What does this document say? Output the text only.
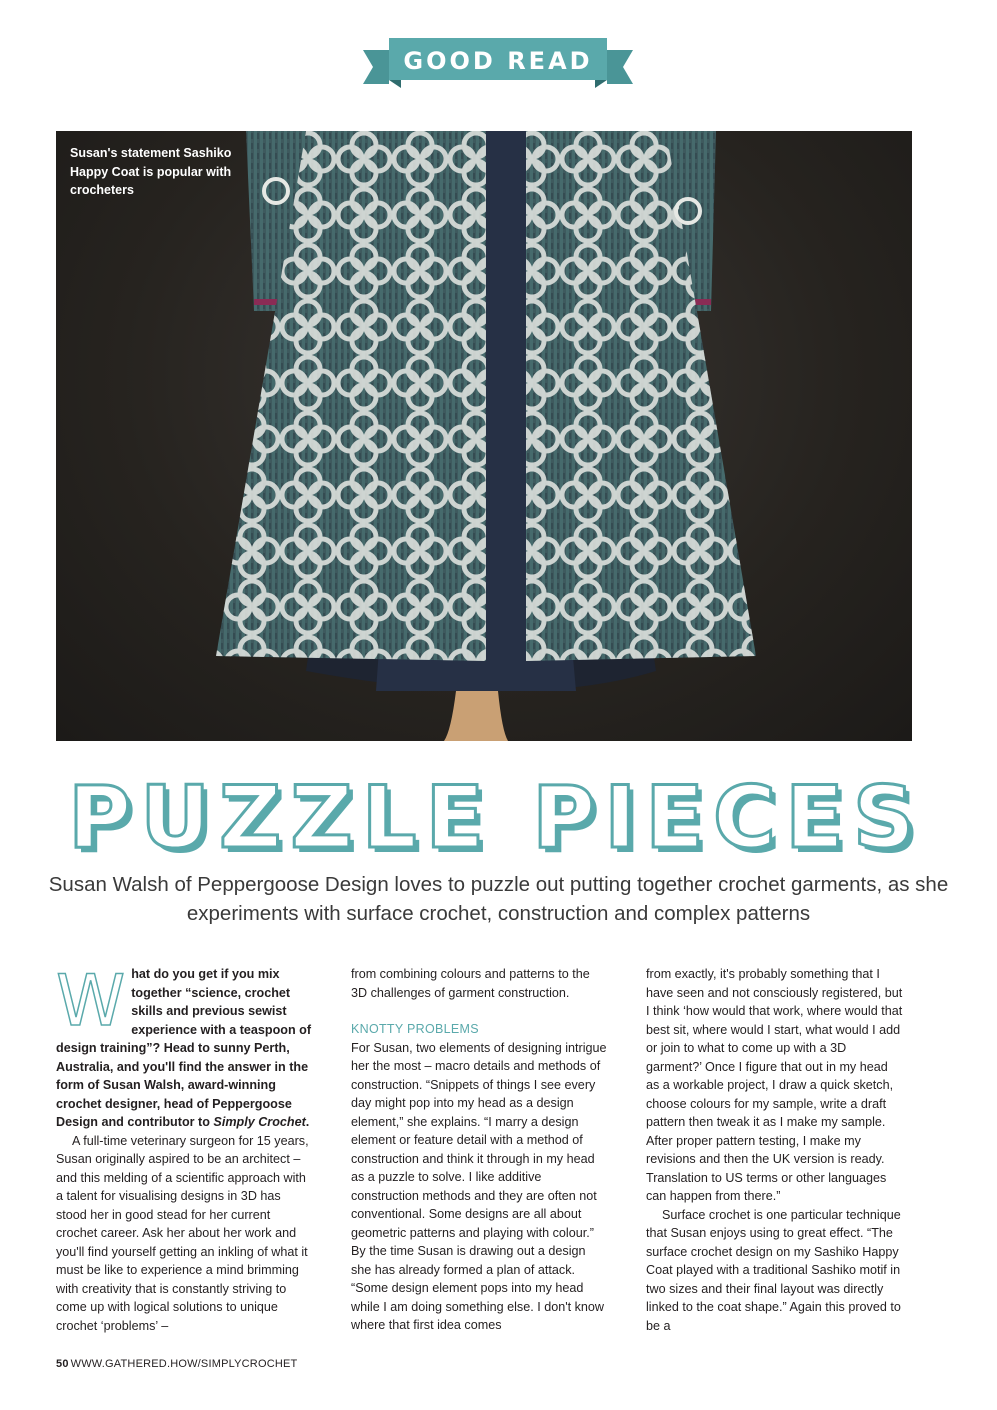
GOOD READ
Susan's statement Sashiko Happy Coat is popular with crocheters
PUZZLE PIECES
Susan Walsh of Peppergoose Design loves to puzzle out putting together crochet garments, as she experiments with surface crochet, construction and complex patterns

W hat do you get if you mix together “science, crochet skills and previous sewist experience with a teaspoon of design training”? Head to sunny Perth, Australia, and you'll find the answer in the form of Susan Walsh, award-winning crochet designer, head of Peppergoose Design and contributor to Simply Crochet.

A full-time veterinary surgeon for 15 years, Susan originally aspired to be an architect – and this melding of a scientific approach with a talent for visualising designs in 3D has stood her in good stead for her current crochet career. Ask her about her work and you'll find yourself getting an inkling of what it must be like to experience a mind brimming with creativity that is constantly striving to come up with logical solutions to unique crochet ‘problems’ –

from combining colours and patterns to the 3D challenges of garment construction.

KNOTTY PROBLEMS

For Susan, two elements of designing intrigue her the most – macro details and methods of construction. “Snippets of things I see every day might pop into my head as a design element,” she explains. “I marry a design element or feature detail with a method of construction and think it through in my head as a puzzle to solve. I like additive construction methods and they are often not conventional. Some designs are all about geometric patterns and playing with colour.” By the time Susan is drawing out a design she has already formed a plan of attack. “Some design element pops into my head while I am doing something else. I don't know where that first idea comes

from exactly, it's probably something that I have seen and not consciously registered, but I think ‘how would that work, where would that best sit, where would I start, what would I add or join to what to come up with a 3D garment?’ Once I figure that out in my head as a workable project, I draw a quick sketch, choose colours for my sample, write a draft pattern then tweak it as I make my sample. After proper pattern testing, I make my revisions and then the UK version is ready. Translation to US terms or other languages can happen from there.”

Surface crochet is one particular technique that Susan enjoys using to great effect. “The surface crochet design on my Sashiko Happy Coat played with a traditional Sashiko motif in two sizes and their final layout was directly linked to the coat shape.” Again this proved to be a

50 WWW.GATHERED.HOW/SIMPLYCROCHET
